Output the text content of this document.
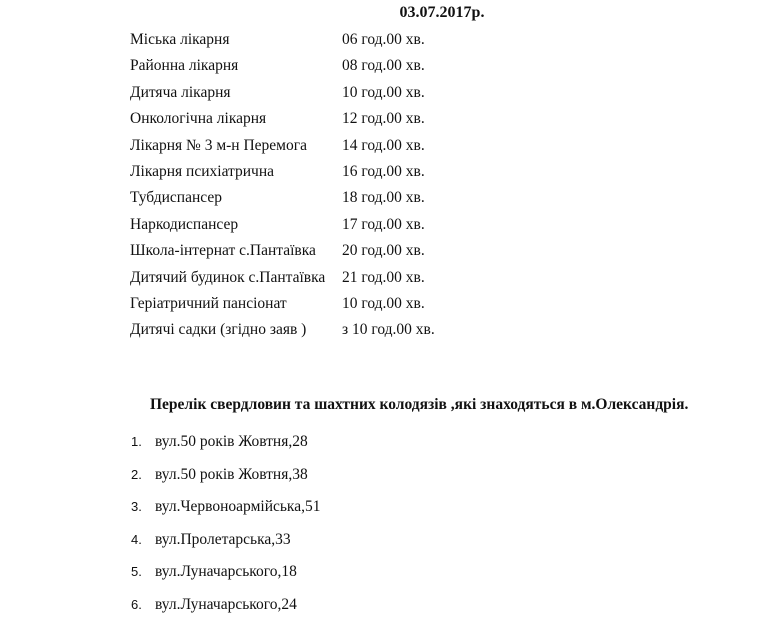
03.07.2017р.
Міська лікарня	06 год.00 хв.
Районна лікарня	08 год.00 хв.
Дитяча лікарня	10 год.00 хв.
Онкологічна лікарня	12 год.00 хв.
Лікарня № 3 м-н Перемога 14 год.00 хв.
Лікарня психіатрична	16 год.00 хв.
Тубдиспансер	18 год.00 хв.
Наркодиспансер	17 год.00 хв.
Школа-інтернат с.Пантаївка 20 год.00 хв.
Дитячий будинок с.Пантаївка 21 год.00 хв.
Геріатричний пансіонат	10 год.00 хв.
Дитячі садки (згідно заяв ) з 10 год.00 хв.
Перелік свердловин та шахтних колодязів ,які знаходяться в м.Олександрія.
1. вул.50 років Жовтня,28
2. вул.50 років Жовтня,38
3. вул.Червоноармійська,51
4. вул.Пролетарська,33
5. вул.Луначарського,18
6. вул.Луначарського,24
